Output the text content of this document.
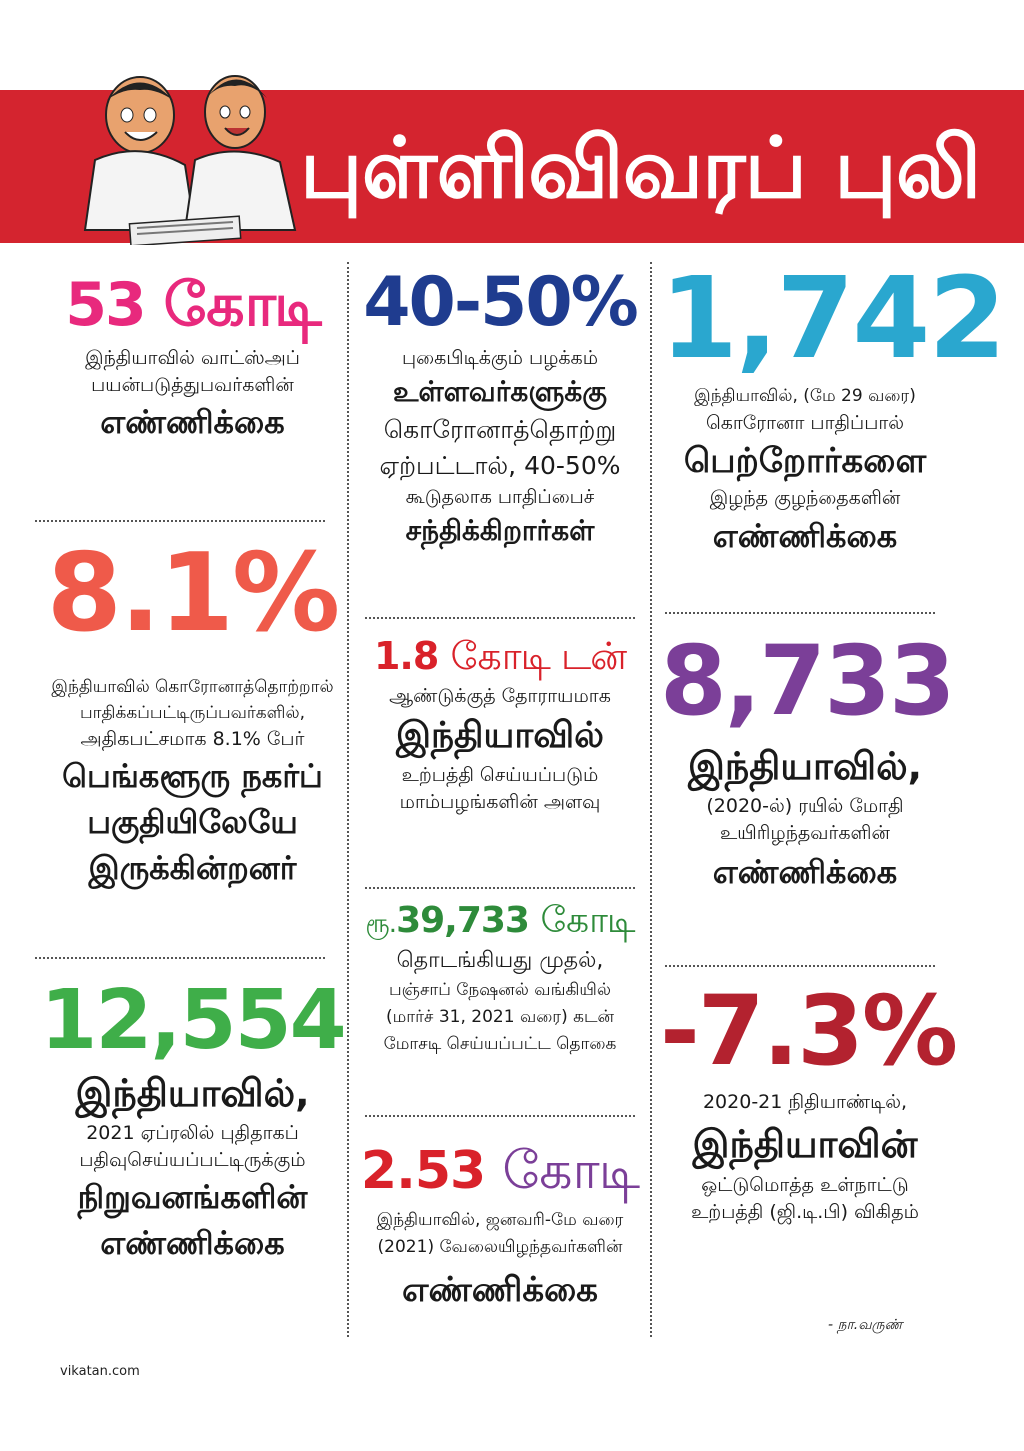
புள்ளிவிவரப் புலி
53 கோடி
இந்தியாவில் வாட்ஸ்அப்
பயன்படுத்துபவர்களின்
எண்ணிக்கை
8.1%
இந்தியாவில் கொரோனாத்தொற்றால்
பாதிக்கப்பட்டிருப்பவர்களில்,
அதிகபட்சமாக 8.1% பேர்
பெங்களூரு நகர்ப்
பகுதியிலேயே
இருக்கின்றனர்
12,554
இந்தியாவில்,
2021 ஏப்ரலில் புதிதாகப்
பதிவுசெய்யப்பட்டிருக்கும்
நிறுவனங்களின்
எண்ணிக்கை
40-50%
புகைபிடிக்கும் பழக்கம்
உள்ளவர்களுக்கு
கொரோனாத்தொற்று
ஏற்பட்டால், 40-50%
கூடுதலாக பாதிப்பைச்
சந்திக்கிறார்கள்
1.8 கோடி டன்
ஆண்டுக்குத் தோராயமாக
இந்தியாவில்
உற்பத்தி செய்யப்படும்
மாம்பழங்களின் அளவு
ரூ.39,733 கோடி
தொடங்கியது முதல்,
பஞ்சாப் நேஷனல் வங்கியில்
(மார்ச் 31, 2021 வரை) கடன்
மோசடி செய்யப்பட்ட தொகை
2.53 கோடி
இந்தியாவில், ஜனவரி-மே வரை
(2021) வேலையிழந்தவர்களின்
எண்ணிக்கை
1,742
இந்தியாவில், (மே 29 வரை)
கொரோனா பாதிப்பால்
பெற்றோர்களை
இழந்த குழந்தைகளின்
எண்ணிக்கை
8,733
இந்தியாவில்,
(2020-ல்) ரயில் மோதி
உயிரிழந்தவர்களின்
எண்ணிக்கை
-7.3%
2020-21 நிதியாண்டில்,
இந்தியாவின்
ஒட்டுமொத்த உள்நாட்டு
உற்பத்தி (ஜி.டி.பி) விகிதம்
- நா.வருண்
vikatan.com
